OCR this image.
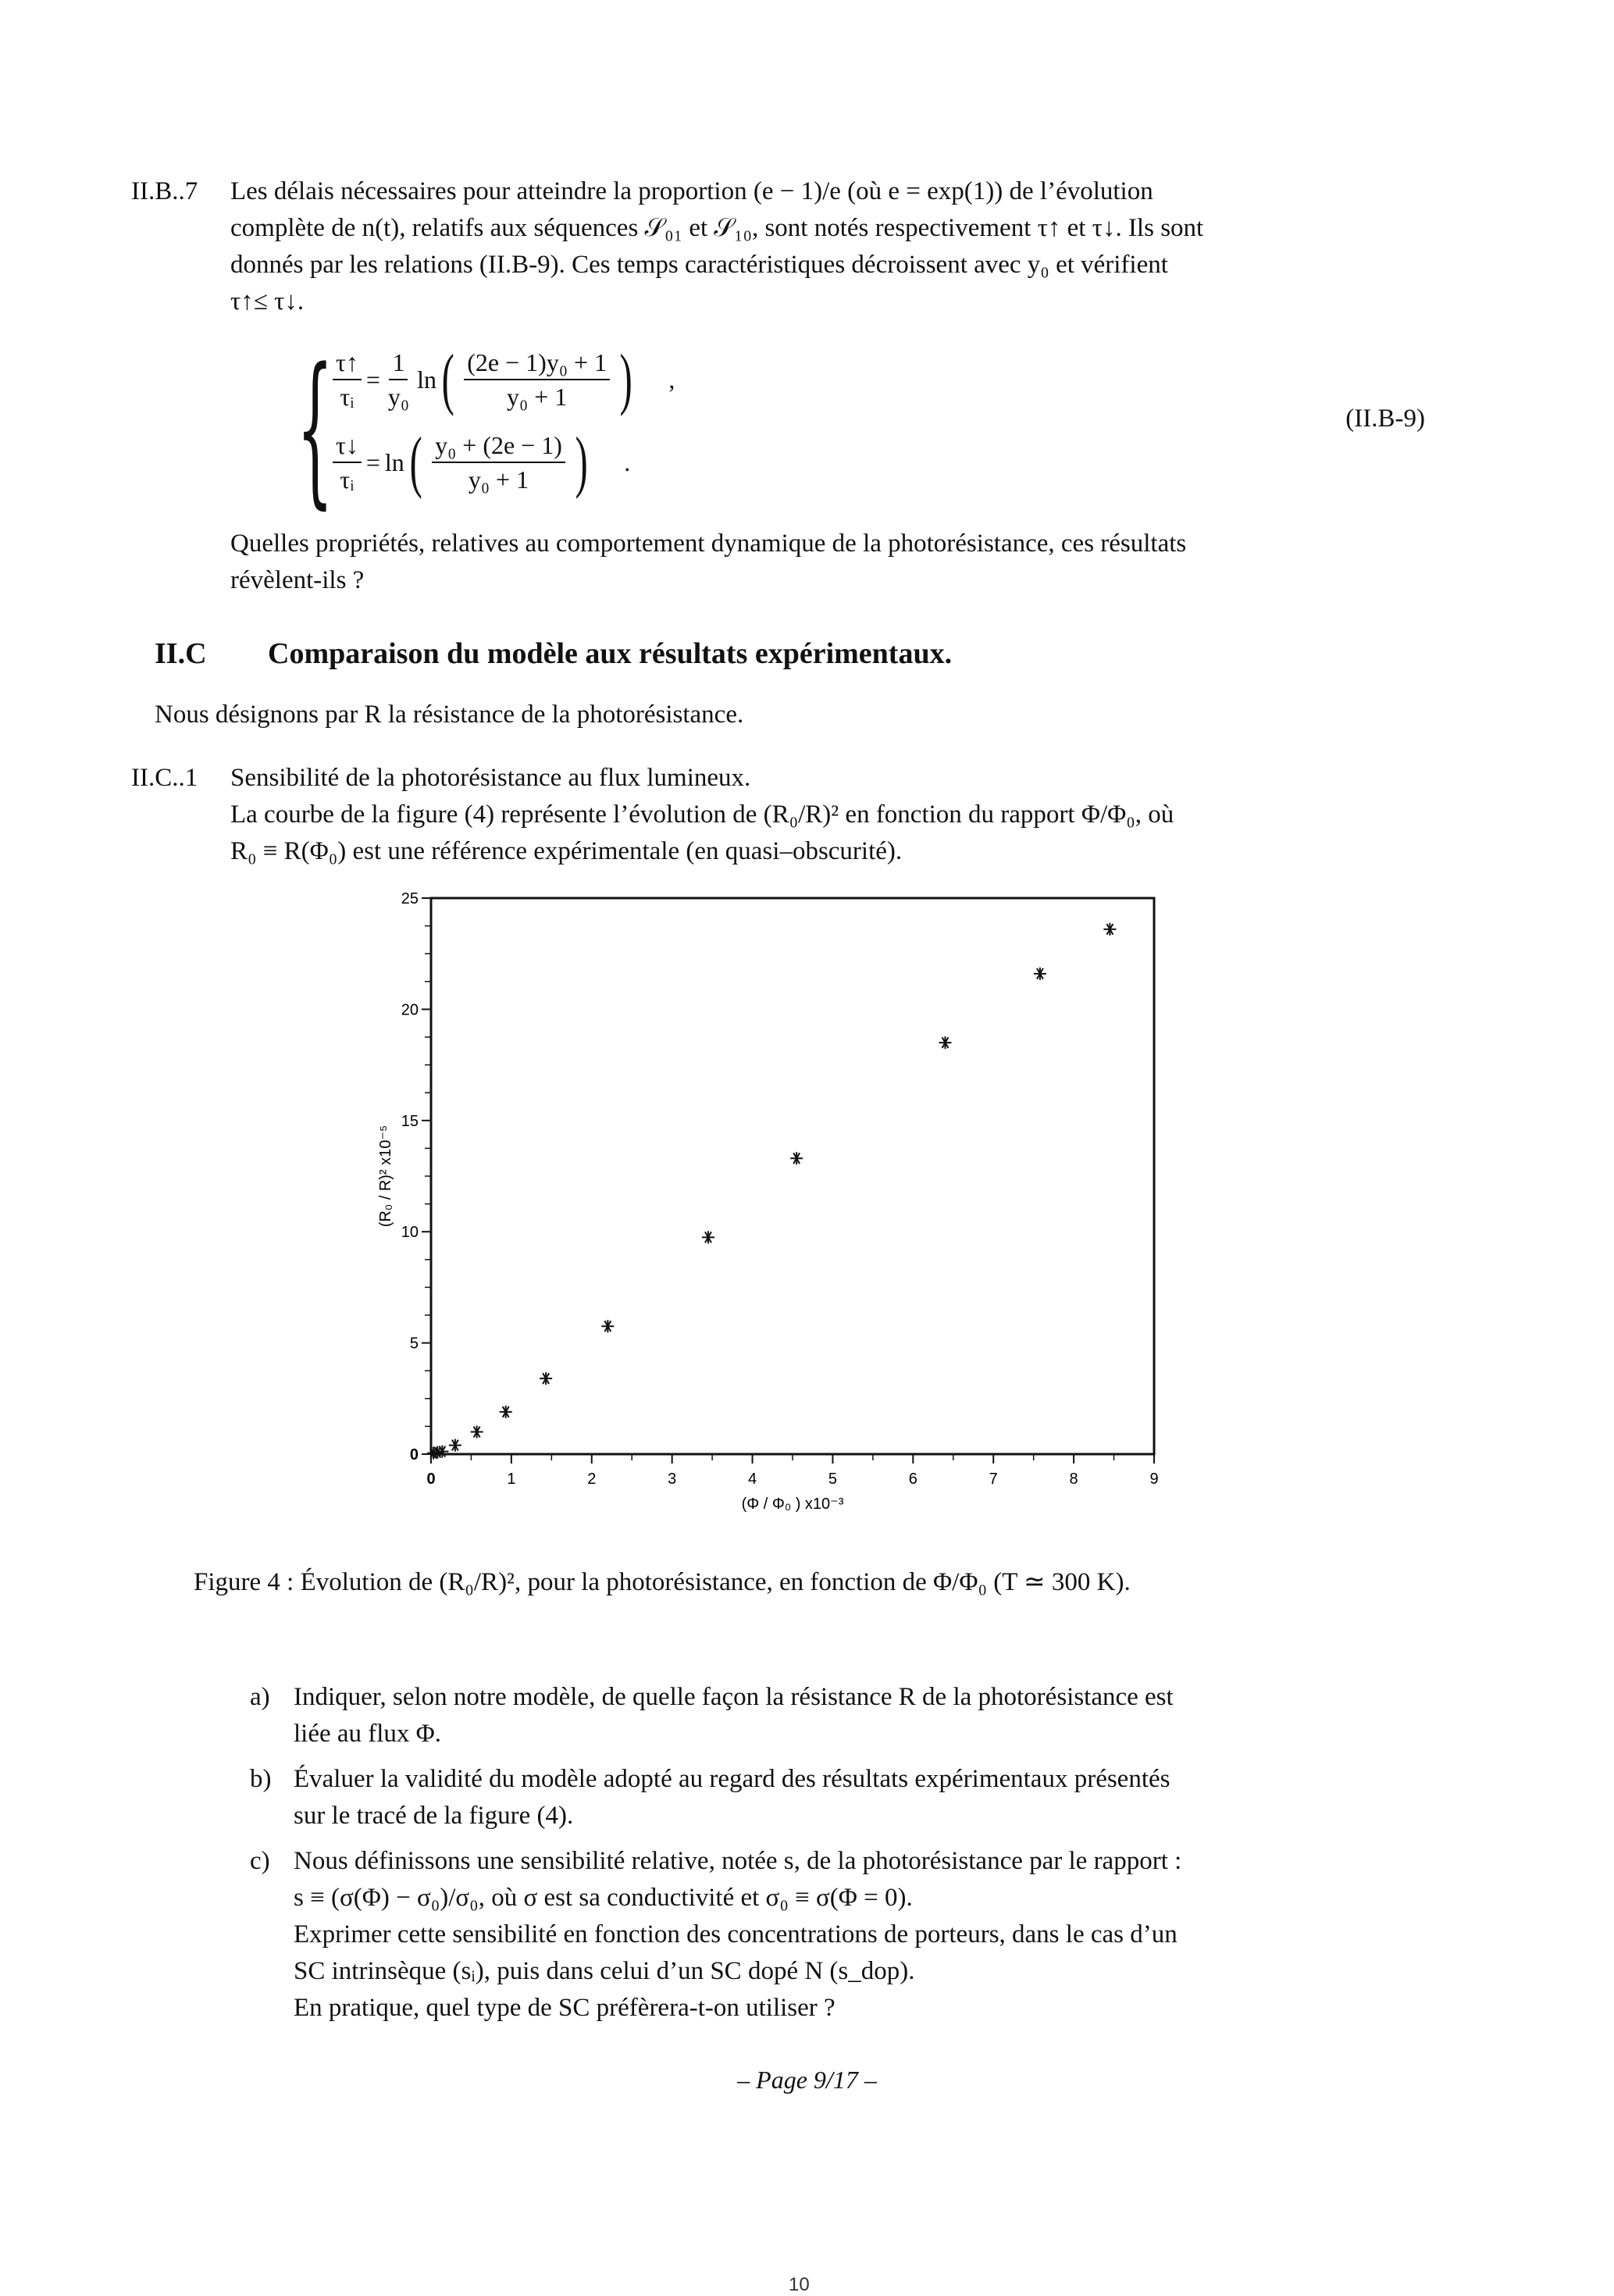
II.B..7 Les délais nécessaires pour atteindre la proportion (e − 1)/e (où e = exp(1)) de l’évolution
complète de n(t), relatifs aux séquences 𝒮₀₁ et 𝒮₁₀, sont notés respectivement τ↑ et τ↓. Ils sont
donnés par les relations (II.B-9). Ces temps caractéristiques décroissent avec y₀ et vérifient
τ↑≤ τ↓.
{ $\frac{\tau↑}{\text{τᵢ}} = \frac{1}{\text{y₀}}$ ln ( $\frac{\text{(2e − 1)y₀ + 1}}{\text{y₀ + 1}}$ ) ,
$\frac{\tau↓}{\text{τᵢ}} = \ln$ ( $\frac{\text{y₀ + (2e − 1)}}{\text{y₀ + 1}}$ ) .
(II.B-9)
Quelles propriétés, relatives au comportement dynamique de la photorésistance, ces résultats
révèlent-ils ?
II.C Comparaison du modèle aux résultats expérimentaux.
Nous désignons par R la résistance de la photorésistance.
II.C..1 Sensibilité de la photorésistance au flux lumineux.
La courbe de la figure (4) représente l’évolution de (R₀/R)² en fonction du rapport Φ/Φ₀, où
R₀ ≡ R(Φ₀) est une référence expérimentale (en quasi–obscurité).
0	1	2	3	4	5	6	7	8	9
0
5
10
15
20
25
(Φ / Φ₀ ) x10⁻³
(R₀ / R)² x10⁻⁵
Figure 4 : Évolution de (R₀/R)², pour la photorésistance, en fonction de Φ/Φ₀ (T ≃ 300 K).
a) Indiquer, selon notre modèle, de quelle façon la résistance R de la photorésistance est
liée au flux Φ.
b) Évaluer la validité du modèle adopté au regard des résultats expérimentaux présentés
sur le tracé de la figure (4).
c) Nous définissons une sensibilité relative, notée s, de la photorésistance par le rapport :
s ≡ (σ(Φ) − σ₀)/σ₀, où σ est sa conductivité et σ₀ ≡ σ(Φ = 0).
Exprimer cette sensibilité en fonction des concentrations de porteurs, dans le cas d’un
SC intrinsèque (sᵢ), puis dans celui d’un SC dopé N (s_dop).
En pratique, quel type de SC préfèrera-t-on utiliser ?
– Page 9/17 –
10
